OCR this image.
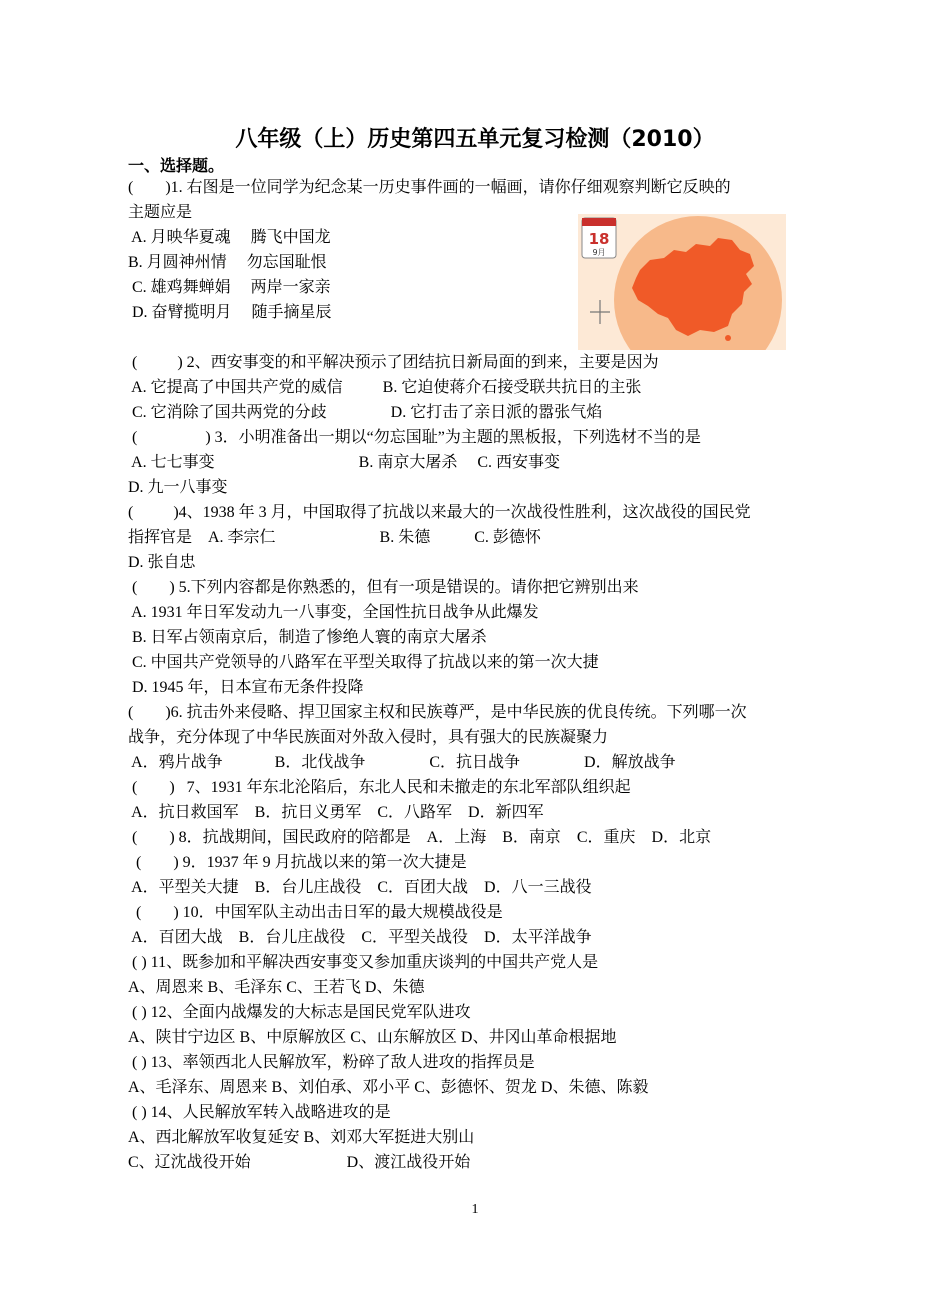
八年级（上）历史第四五单元复习检测（2010）
一、选择题。
(        )1. 右图是一位同学为纪念某一历史事件画的一幅画，请你仔细观察判断它反映的
主题应是
A. 月映华夏魂     腾飞中国龙
B. 月圆神州情     勿忘国耻恨
C. 雄鸡舞蝉娟     两岸一家亲
D. 奋臂揽明月     随手摘星辰
(          ) 2、西安事变的和平解决预示了团结抗日新局面的到来，主要是因为
A. 它提高了中国共产党的威信          B. 它迫使蒋介石接受联共抗日的主张
C. 它消除了国共两党的分歧                D. 它打击了亲日派的嚣张气焰
(                 ) 3．小明准备出一期以“勿忘国耻”为主题的黑板报，下列选材不当的是
A. 七七事变                                    B. 南京大屠杀     C. 西安事变
D. 九一八事变
(          )4、1938 年 3 月，中国取得了抗战以来最大的一次战役性胜利，这次战役的国民党
指挥官是    A. 李宗仁                          B. 朱德           C. 彭德怀
D. 张自忠
(        ) 5.下列内容都是你熟悉的，但有一项是错误的。请你把它辨别出来
A. 1931 年日军发动九一八事变，全国性抗日战争从此爆发
B. 日军占领南京后，制造了惨绝人寰的南京大屠杀
C. 中国共产党领导的八路军在平型关取得了抗战以来的第一次大捷
D. 1945 年，日本宣布无条件投降
(        )6. 抗击外来侵略、捍卫国家主权和民族尊严，是中华民族的优良传统。下列哪一次
战争，充分体现了中华民族面对外敌入侵时，具有强大的民族凝聚力
A．鸦片战争             B．北伐战争                C．抗日战争                D．解放战争
(        )   7、1931 年东北沦陷后，东北人民和未撤走的东北军部队组织起
A．抗日救国军    B．抗日义勇军    C．八路军    D．新四军
(        ) 8．抗战期间，国民政府的陪都是    A．上海    B．南京    C．重庆    D．北京
(        ) 9．1937 年 9 月抗战以来的第一次大捷是
A．平型关大捷    B．台儿庄战役    C．百团大战    D．八一三战役
(        ) 10．中国军队主动出击日军的最大规模战役是
A．百团大战    B．台儿庄战役    C．平型关战役    D．太平洋战争
( ) 11、既参加和平解决西安事变又参加重庆谈判的中国共产党人是
A、周恩来 B、毛泽东 C、王若飞 D、朱德
( ) 12、全面内战爆发的大标志是国民党军队进攻
A、陕甘宁边区 B、中原解放区 C、山东解放区 D、井冈山革命根据地
( ) 13、率领西北人民解放军，粉碎了敌人进攻的指挥员是
A、毛泽东、周恩来 B、刘伯承、邓小平 C、彭德怀、贺龙 D、朱德、陈毅
( ) 14、人民解放军转入战略进攻的是
A、西北解放军收复延安 B、刘邓大军挺进大别山
C、辽沈战役开始                        D、渡江战役开始
18
9月
1
